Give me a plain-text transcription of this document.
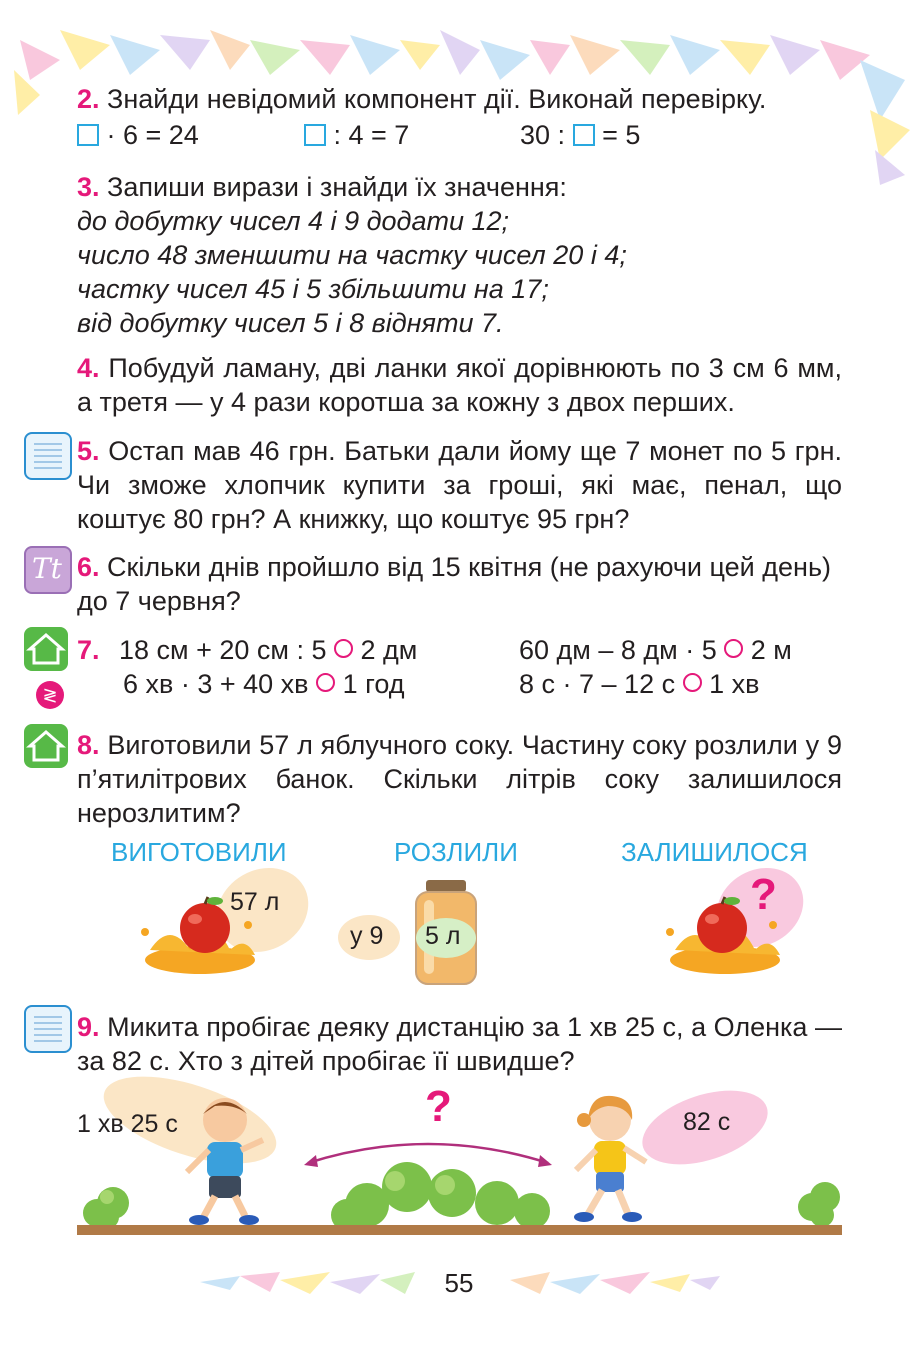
2. Знайди невідомий компонент дії. Виконай перевірку.
· 6 = 24	: 4 = 7	30 : = 5
3. Запиши вирази і знайди їх значення:
до добутку чисел 4 і 9 додати 12;
число 48 зменшити на частку чисел 20 і 4;
частку чисел 45 і 5 збільшити на 17;
від добутку чисел 5 і 8 відняти 7.
4. Побудуй ламану, дві ланки якої дорівнюють по 3 см 6 мм, а третя — у 4 рази коротша за кожну з двох перших.
5. Остап мав 46 грн. Батьки дали йому ще 7 монет по 5 грн. Чи зможе хлопчик купити за гроші, які має, пенал, що коштує 80 грн? А книжку, що коштує 95 грн?
Tt 6. Скільки днів пройшло від 15 квітня (не рахуючи цей день) до 7 червня?
≷
7. 18 см + 20 см : 5 2 дм	60 дм – 8 дм · 5 2 м
6 хв · 3 + 40 хв 1 год	8 с · 7 – 12 с 1 хв
8. Виготовили 57 л яблучного соку. Частину соку розлили у 9 п’ятилітрових банок. Скільки літрів соку залишилося нерозлитим?
ВИГОТОВИЛИ	РОЗЛИЛИ	ЗАЛИШИЛОСЯ
57 л
у 9 5 л
?
9. Микита пробігає деяку дистанцію за 1 хв 25 с, а Оленка — за 82 с. Хто з дітей пробігає її швидше?
1 хв 25 с	82 с
?
55
